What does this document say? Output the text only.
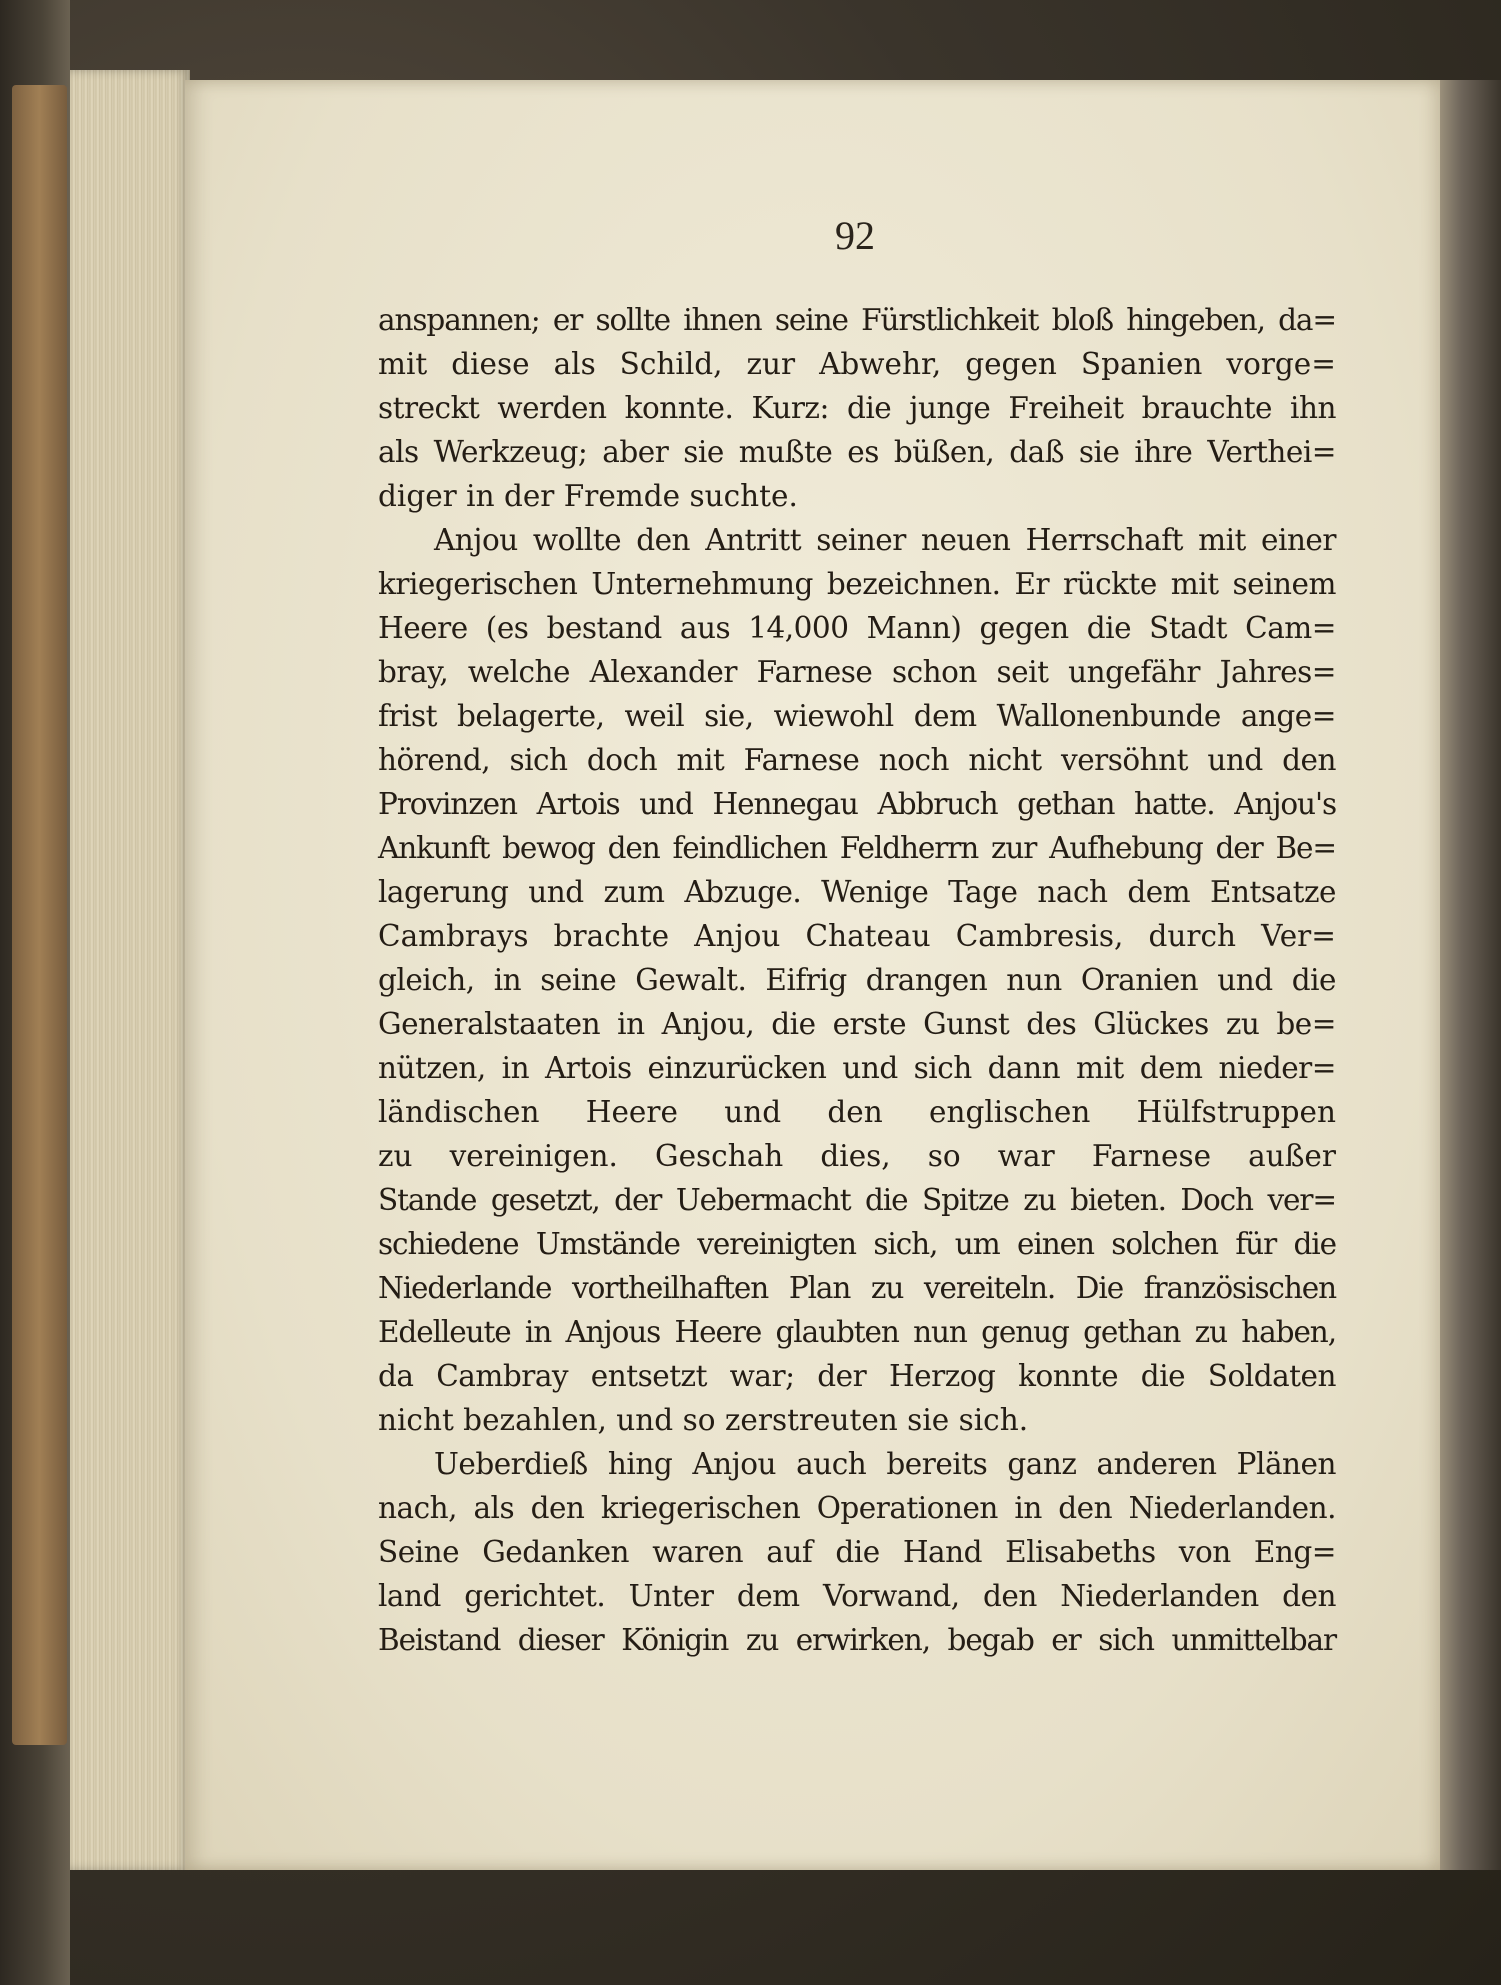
92
anspannen; er sollte ihnen seine Fürstlichkeit bloß hingeben, da=
mit diese als Schild, zur Abwehr, gegen Spanien vorge=
streckt werden konnte. Kurz: die junge Freiheit brauchte ihn
als Werkzeug; aber sie mußte es büßen, daß sie ihre Verthei=
diger in der Fremde suchte.
Anjou wollte den Antritt seiner neuen Herrschaft mit einer
kriegerischen Unternehmung bezeichnen. Er rückte mit seinem
Heere (es bestand aus 14,000 Mann) gegen die Stadt Cam=
bray, welche Alexander Farnese schon seit ungefähr Jahres=
frist belagerte, weil sie, wiewohl dem Wallonenbunde ange=
hörend, sich doch mit Farnese noch nicht versöhnt und den
Provinzen Artois und Hennegau Abbruch gethan hatte. Anjou's
Ankunft bewog den feindlichen Feldherrn zur Aufhebung der Be=
lagerung und zum Abzuge. Wenige Tage nach dem Entsatze
Cambrays brachte Anjou Chateau Cambresis, durch Ver=
gleich, in seine Gewalt. Eifrig drangen nun Oranien und die
Generalstaaten in Anjou, die erste Gunst des Glückes zu be=
nützen, in Artois einzurücken und sich dann mit dem nieder=
ländischen Heere und den englischen Hülfstruppen
zu vereinigen. Geschah dies, so war Farnese außer
Stande gesetzt, der Uebermacht die Spitze zu bieten. Doch ver=
schiedene Umstände vereinigten sich, um einen solchen für die
Niederlande vortheilhaften Plan zu vereiteln. Die französischen
Edelleute in Anjous Heere glaubten nun genug gethan zu haben,
da Cambray entsetzt war; der Herzog konnte die Soldaten
nicht bezahlen, und so zerstreuten sie sich.
Ueberdieß hing Anjou auch bereits ganz anderen Plänen
nach, als den kriegerischen Operationen in den Niederlanden.
Seine Gedanken waren auf die Hand Elisabeths von Eng=
land gerichtet. Unter dem Vorwand, den Niederlanden den
Beistand dieser Königin zu erwirken, begab er sich unmittelbar
